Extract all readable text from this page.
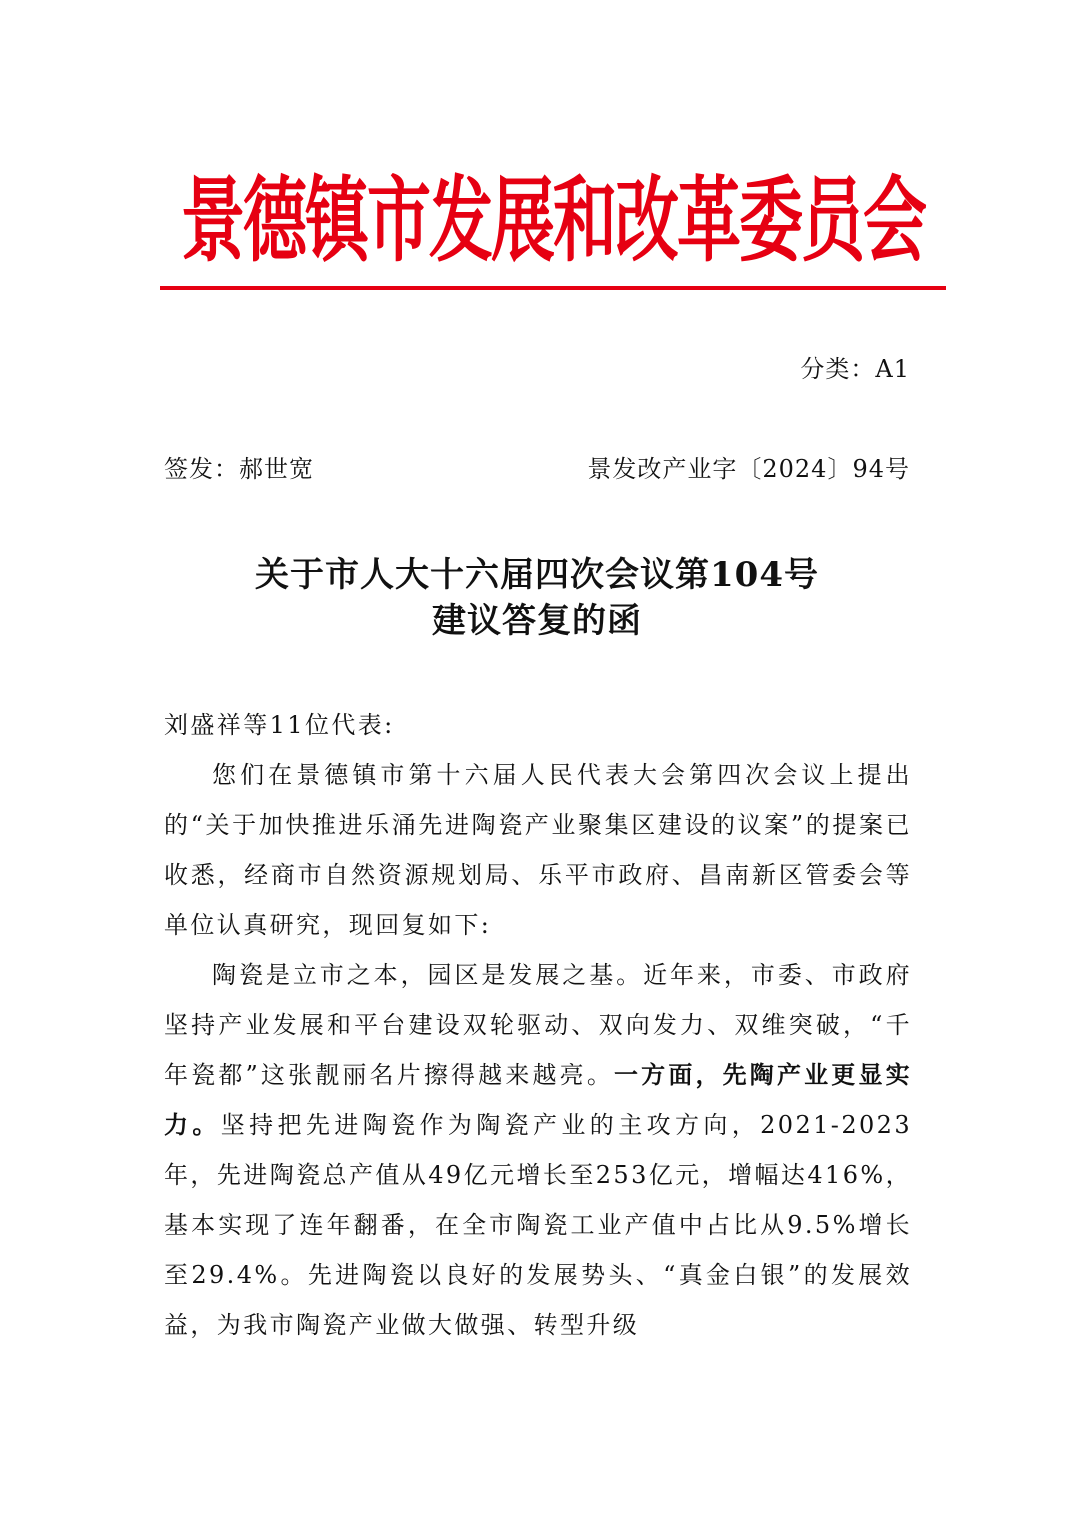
景德镇市发展和改革委员会
分类：A1
签发：郝世宽	景发改产业字〔2024〕94号
关于市人大十六届四次会议第104号
建议答复的函

刘盛祥等11位代表:

您们在景德镇市第十六届人民代表大会第四次会议上提出的“关于加快推进乐涌先进陶瓷产业聚集区建设的议案”的提案已收悉，经商市自然资源规划局、乐平市政府、昌南新区管委会等单位认真研究，现回复如下:

陶瓷是立市之本，园区是发展之基。近年来，市委、市政府坚持产业发展和平台建设双轮驱动、双向发力、双维突破，“千年瓷都”这张靓丽名片擦得越来越亮。一方面，先陶产业更显实力。坚持把先进陶瓷作为陶瓷产业的主攻方向，2021-2023年，先进陶瓷总产值从49亿元增长至253亿元，增幅达416%，基本实现了连年翻番，在全市陶瓷工业产值中占比从9.5%增长至29.4%。先进陶瓷以良好的发展势头、“真金白银”的发展效益，为我市陶瓷产业做大做强、转型升级
